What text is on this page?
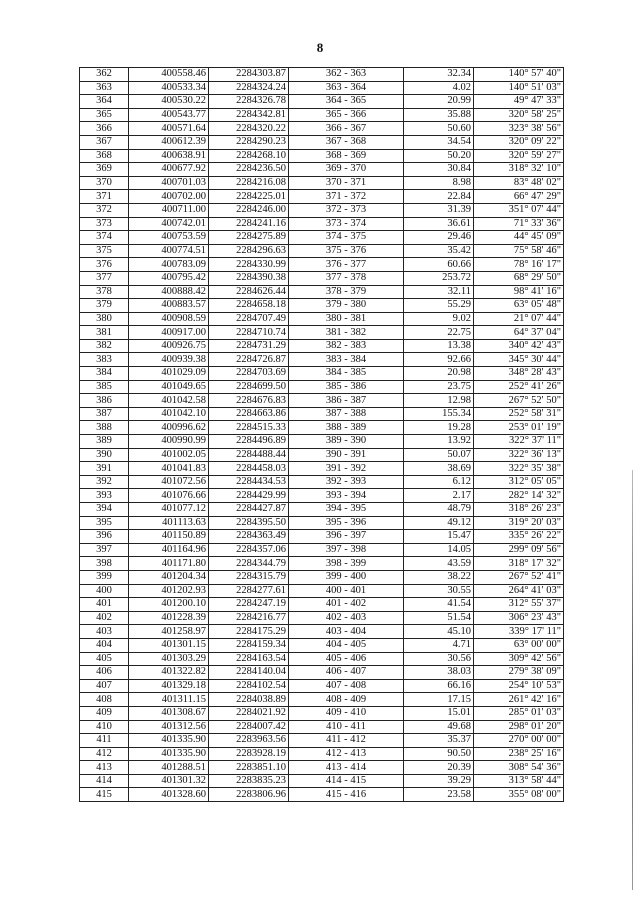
8
362	400558.46	2284303.87	362 - 363	32.34	140° 57' 40"
363	400533.34	2284324.24	363 - 364	4.02	140° 51' 03"
364	400530.22	2284326.78	364 - 365	20.99	49° 47' 33"
365	400543.77	2284342.81	365 - 366	35.88	320° 58' 25"
366	400571.64	2284320.22	366 - 367	50.60	323° 38' 56"
367	400612.39	2284290.23	367 - 368	34.54	320° 09' 22"
368	400638.91	2284268.10	368 - 369	50.20	320° 59' 27"
369	400677.92	2284236.50	369 - 370	30.84	318° 32' 10"
370	400701.03	2284216.08	370 - 371	8.98	83° 48' 02"
371	400702.00	2284225.01	371 - 372	22.84	66° 47' 29"
372	400711.00	2284246.00	372 - 373	31.39	351° 07' 44"
373	400742.01	2284241.16	373 - 374	36.61	71° 33' 36"
374	400753.59	2284275.89	374 - 375	29.46	44° 45' 09"
375	400774.51	2284296.63	375 - 376	35.42	75° 58' 46"
376	400783.09	2284330.99	376 - 377	60.66	78° 16' 17"
377	400795.42	2284390.38	377 - 378	253.72	68° 29' 50"
378	400888.42	2284626.44	378 - 379	32.11	98° 41' 16"
379	400883.57	2284658.18	379 - 380	55.29	63° 05' 48"
380	400908.59	2284707.49	380 - 381	9.02	21° 07' 44"
381	400917.00	2284710.74	381 - 382	22.75	64° 37' 04"
382	400926.75	2284731.29	382 - 383	13.38	340° 42' 43"
383	400939.38	2284726.87	383 - 384	92.66	345° 30' 44"
384	401029.09	2284703.69	384 - 385	20.98	348° 28' 43"
385	401049.65	2284699.50	385 - 386	23.75	252° 41' 26"
386	401042.58	2284676.83	386 - 387	12.98	267° 52' 50"
387	401042.10	2284663.86	387 - 388	155.34	252° 58' 31"
388	400996.62	2284515.33	388 - 389	19.28	253° 01' 19"
389	400990.99	2284496.89	389 - 390	13.92	322° 37' 11"
390	401002.05	2284488.44	390 - 391	50.07	322° 36' 13"
391	401041.83	2284458.03	391 - 392	38.69	322° 35' 38"
392	401072.56	2284434.53	392 - 393	6.12	312° 05' 05"
393	401076.66	2284429.99	393 - 394	2.17	282° 14' 32"
394	401077.12	2284427.87	394 - 395	48.79	318° 26' 23"
395	401113.63	2284395.50	395 - 396	49.12	319° 20' 03"
396	401150.89	2284363.49	396 - 397	15.47	335° 26' 22"
397	401164.96	2284357.06	397 - 398	14.05	299° 09' 56"
398	401171.80	2284344.79	398 - 399	43.59	318° 17' 32"
399	401204.34	2284315.79	399 - 400	38.22	267° 52' 41"
400	401202.93	2284277.61	400 - 401	30.55	264° 41' 03"
401	401200.10	2284247.19	401 - 402	41.54	312° 55' 37"
402	401228.39	2284216.77	402 - 403	51.54	306° 23' 43"
403	401258.97	2284175.29	403 - 404	45.10	339° 17' 11"
404	401301.15	2284159.34	404 - 405	4.71	63° 00' 00"
405	401303.29	2284163.54	405 - 406	30.56	309° 42' 56"
406	401322.82	2284140.04	406 - 407	38.03	279° 38' 09"
407	401329.18	2284102.54	407 - 408	66.16	254° 10' 53"
408	401311.15	2284038.89	408 - 409	17.15	261° 42' 16"
409	401308.67	2284021.92	409 - 410	15.01	285° 01' 03"
410	401312.56	2284007.42	410 - 411	49.68	298° 01' 20"
411	401335.90	2283963.56	411 - 412	35.37	270° 00' 00"
412	401335.90	2283928.19	412 - 413	90.50	238° 25' 16"
413	401288.51	2283851.10	413 - 414	20.39	308° 54' 36"
414	401301.32	2283835.23	414 - 415	39.29	313° 58' 44"
415	401328.60	2283806.96	415 - 416	23.58	355° 08' 00"
